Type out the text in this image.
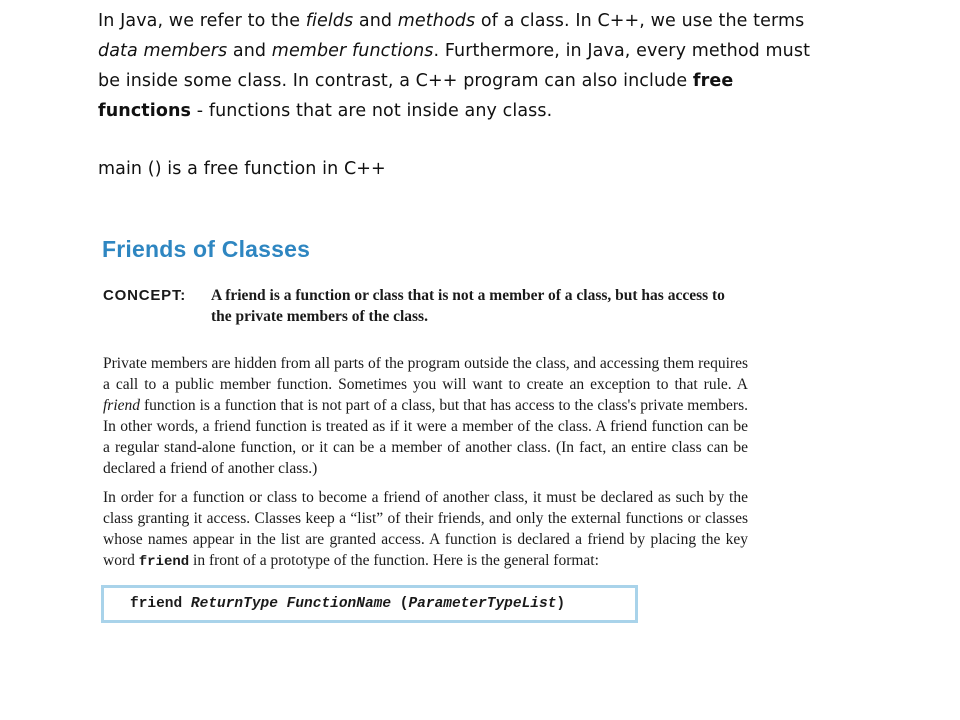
In Java, we refer to the fields and methods of a class. In C++, we use the terms data members and member functions. Furthermore, in Java, every method must be inside some class. In contrast, a C++ program can also include free functions - functions that are not inside any class.

main () is a free function in C++

Friends of Classes
CONCEPT:	A friend is a function or class that is not a member of a class, but has access to the private members of the class.

Private members are hidden from all parts of the program outside the class, and accessing them requires a call to a public member function. Sometimes you will want to create an exception to that rule. A friend function is a function that is not part of a class, but that has access to the class's private members. In other words, a friend function is treated as if it were a member of the class. A friend function can be a regular stand-alone function, or it can be a member of another class. (In fact, an entire class can be declared a friend of another class.)

In order for a function or class to become a friend of another class, it must be declared as such by the class granting it access. Classes keep a “list” of their friends, and only the external functions or classes whose names appear in the list are granted access. A function is declared a friend by placing the key word friend in front of a prototype of the function. Here is the general format:

friend ReturnType FunctionName (ParameterTypeList)
